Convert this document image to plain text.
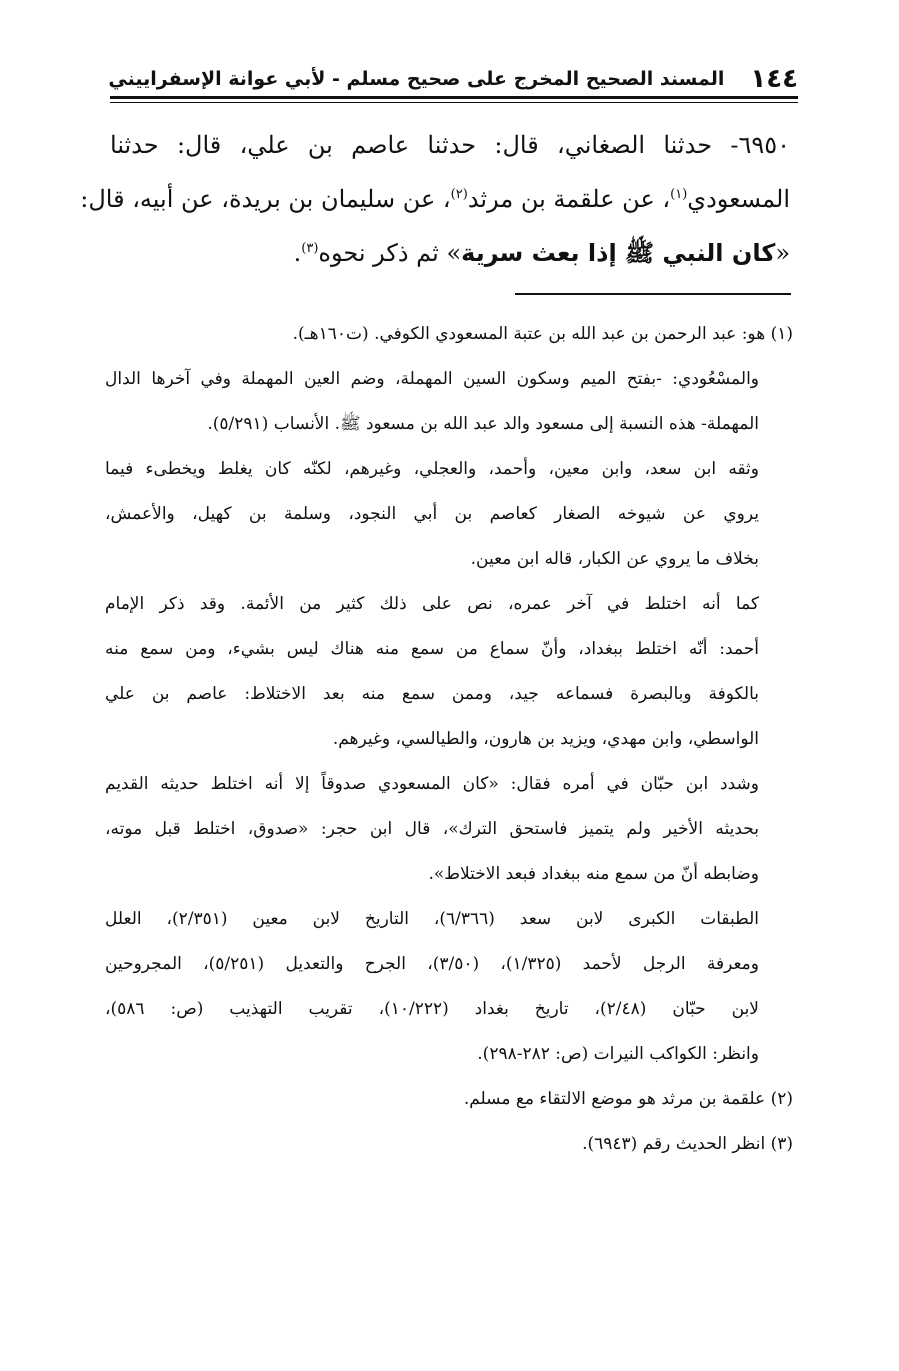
١٤٤
المسند الصحيح المخرج على صحيح مسلم - لأبي عوانة الإسفراييني
٦٩٥٠- حدثنا الصغاني، قال: حدثنا عاصم بن علي، قال: حدثنا
المسعودي$^{(١)}$، عن علقمة بن مرثد$^{(٢)}$، عن سليمان بن بريدة، عن أبيه، قال:
«كان النبي ﷺ إذا بعث سرية» ثم ذكر نحوه$^{(٣)}$.
(١) هو: عبد الرحمن بن عبد الله بن عتبة المسعودي الكوفي. (ت١٦٠هـ).
والمسْعُودي: -بفتح الميم وسكون السين المهملة، وضم العين المهملة وفي آخرها الدال
المهملة- هذه النسبة إلى مسعود والد عبد الله بن مسعود ﷺ. الأنساب (٥/٢٩١).
وثقه ابن سعد، وابن معين، وأحمد، والعجلي، وغيرهم، لكنّه كان يغلط ويخطىء فيما
يروي عن شيوخه الصغار كعاصم بن أبي النجود، وسلمة بن كهيل، والأعمش،
بخلاف ما يروي عن الكبار، قاله ابن معين.
كما أنه اختلط في آخر عمره، نص على ذلك كثير من الأئمة. وقد ذكر الإمام
أحمد: أنّه اختلط ببغداد، وأنّ سماع من سمع منه هناك ليس بشيء، ومن سمع منه
بالكوفة وبالبصرة فسماعه جيد، وممن سمع منه بعد الاختلاط: عاصم بن علي
الواسطي، وابن مهدي، ويزيد بن هارون، والطيالسي، وغيرهم.
وشدد ابن حبّان في أمره فقال: «كان المسعودي صدوقاً إلا أنه اختلط حديثه القديم
بحديثه الأخير ولم يتميز فاستحق الترك»، قال ابن حجر: «صدوق، اختلط قبل موته،
وضابطه أنّ من سمع منه ببغداد فبعد الاختلاط».
الطبقات الكبرى لابن سعد (٦/٣٦٦)، التاريخ لابن معين (٢/٣٥١)، العلل
ومعرفة الرجل لأحمد (١/٣٢٥)، (٣/٥٠)، الجرح والتعديل (٥/٢٥١)، المجروحين
لابن حبّان (٢/٤٨)، تاريخ بغداد (١٠/٢٢٢)، تقريب التهذيب (ص: ٥٨٦)،
وانظر: الكواكب النيرات (ص: ٢٨٢-٢٩٨).
(٢) علقمة بن مرثد هو موضع الالتقاء مع مسلم.
(٣) انظر الحديث رقم (٦٩٤٣).
